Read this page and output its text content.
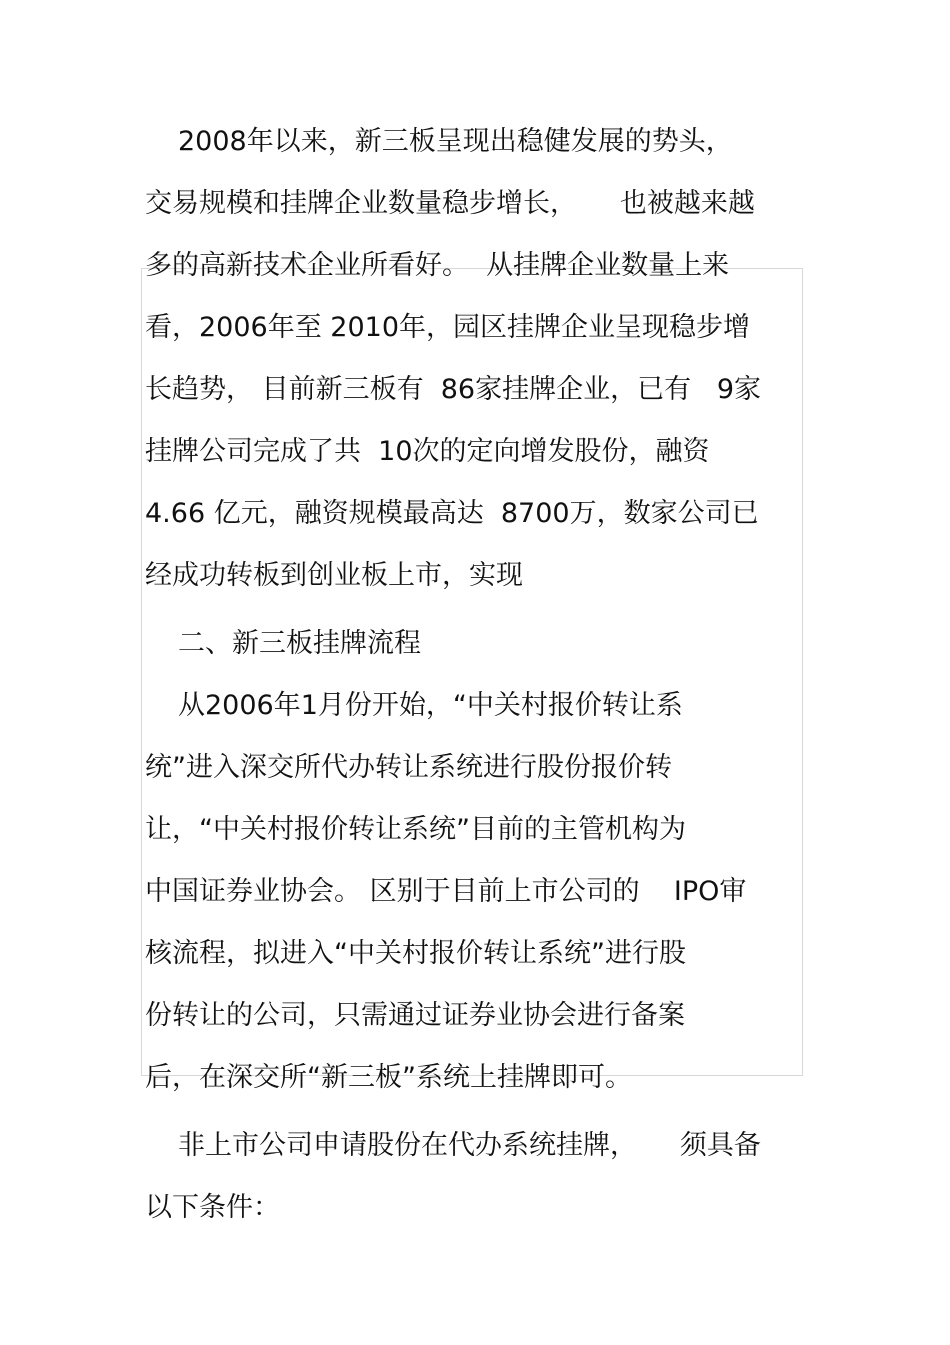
2008年以来，新三板呈现出稳健发展的势头，
交易规模和挂牌企业数量稳步增长，     也被越来越
多的高新技术企业所看好。  从挂牌企业数量上来
看，2006年至 2010年，园区挂牌企业呈现稳步增
长趋势， 目前新三板有  86家挂牌企业，已有   9家
挂牌公司完成了共  10次的定向增发股份，融资
4.66 亿元，融资规模最高达  8700万，数家公司已
经成功转板到创业板上市，实现
二、新三板挂牌流程
从2006年1月份开始，“中关村报价转让系
统”进入深交所代办转让系统进行股份报价转
让，“中关村报价转让系统”目前的主管机构为
中国证券业协会。 区别于目前上市公司的    IPO审
核流程，拟进入“中关村报价转让系统”进行股
份转让的公司，只需通过证券业协会进行备案
后，在深交所“新三板”系统上挂牌即可。
非上市公司申请股份在代办系统挂牌，     须具备
以下条件：
